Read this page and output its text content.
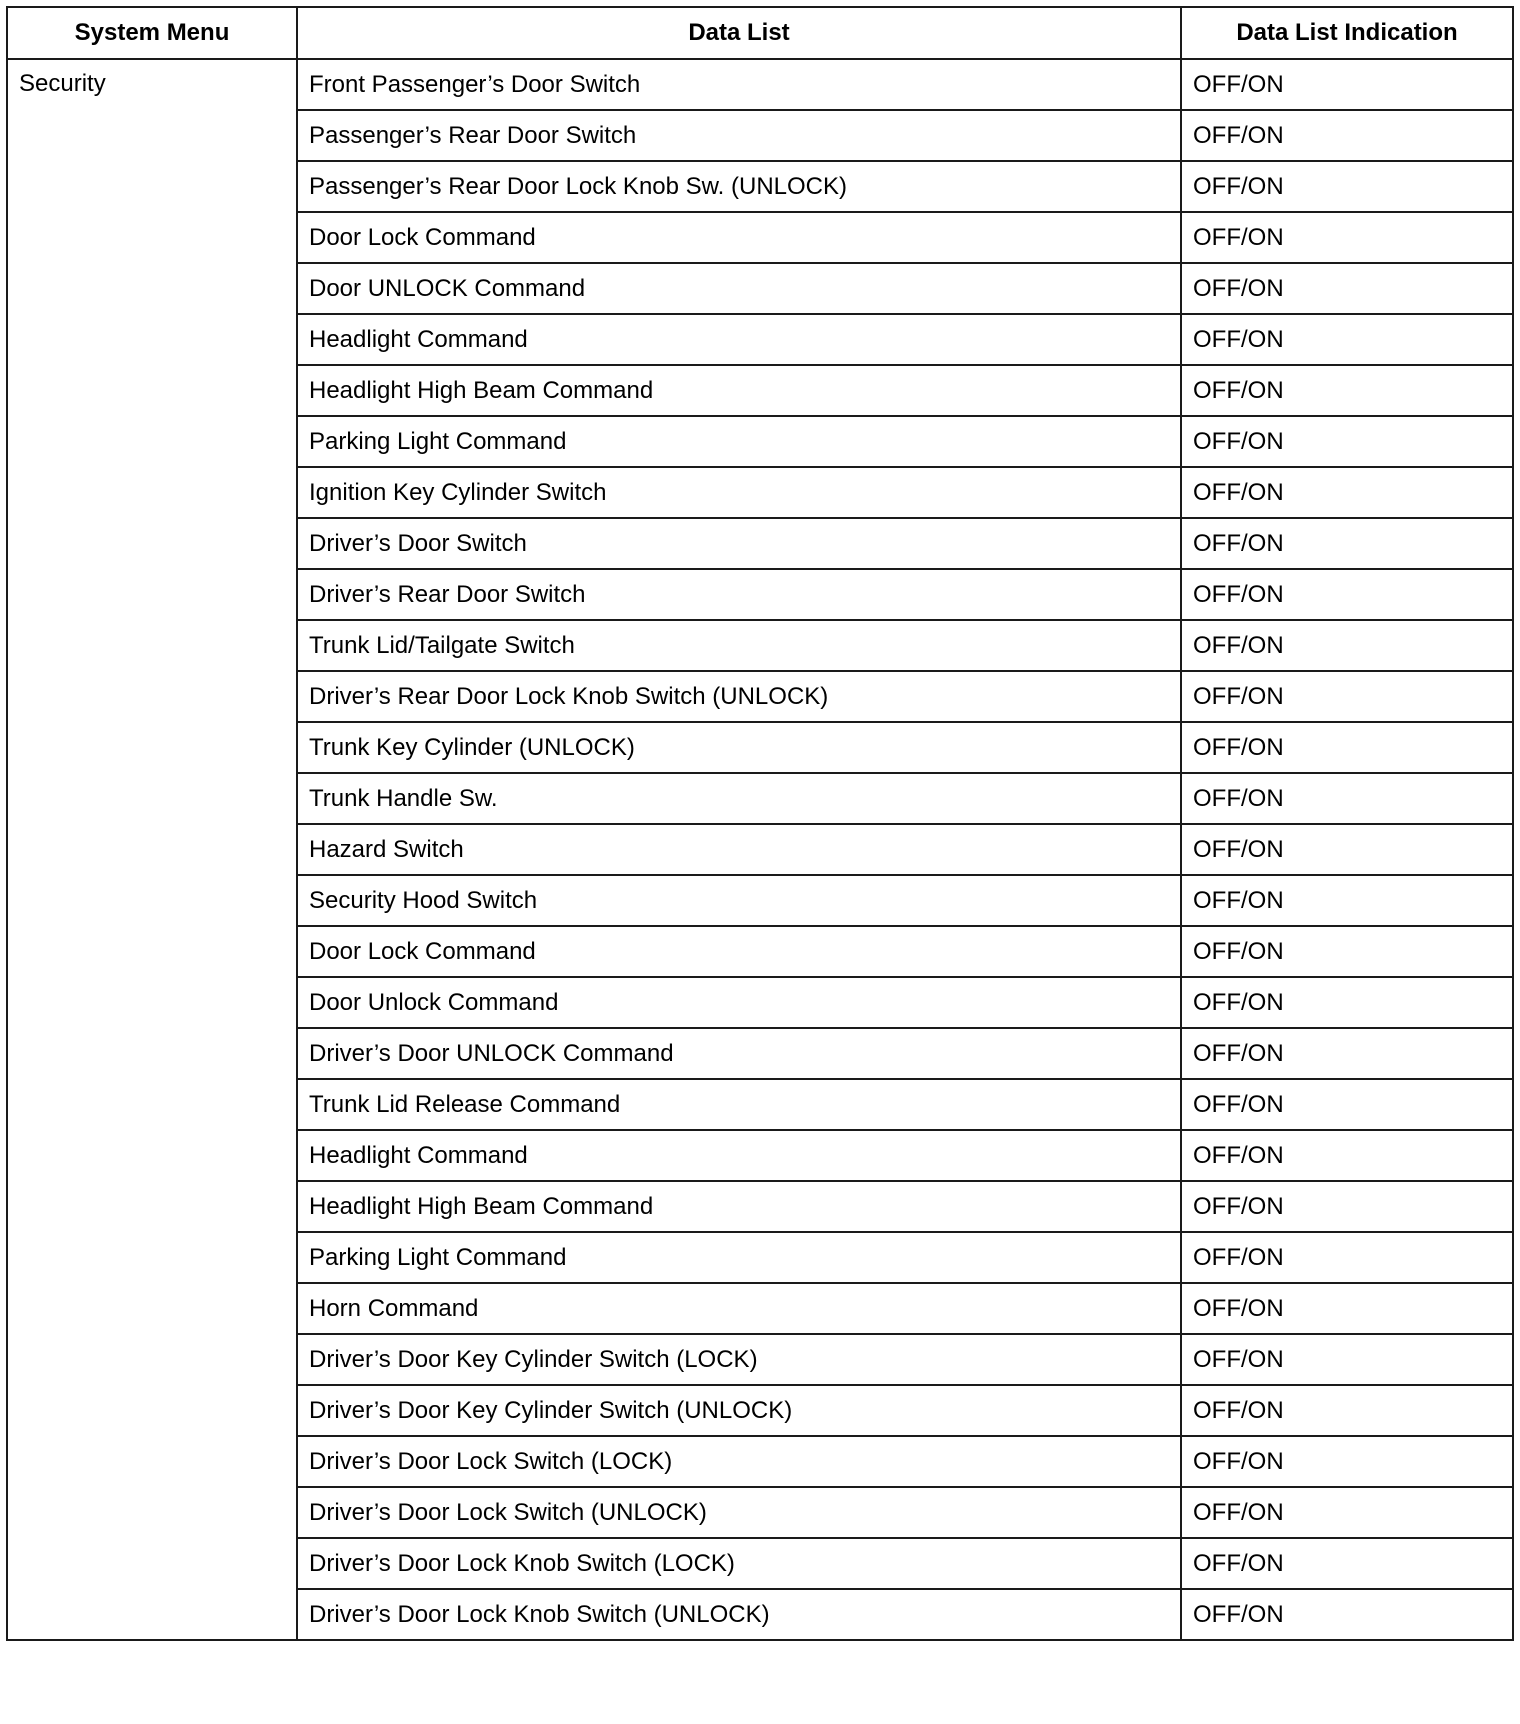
System Menu	Data List	Data List Indication
Security	Front Passenger’s Door Switch	OFF/ON
	Passenger’s Rear Door Switch	OFF/ON
	Passenger’s Rear Door Lock Knob Sw. (UNLOCK)	OFF/ON
	Door Lock Command	OFF/ON
	Door UNLOCK Command	OFF/ON
	Headlight Command	OFF/ON
	Headlight High Beam Command	OFF/ON
	Parking Light Command	OFF/ON
	Ignition Key Cylinder Switch	OFF/ON
	Driver’s Door Switch	OFF/ON
	Driver’s Rear Door Switch	OFF/ON
	Trunk Lid/Tailgate Switch	OFF/ON
	Driver’s Rear Door Lock Knob Switch (UNLOCK)	OFF/ON
	Trunk Key Cylinder (UNLOCK)	OFF/ON
	Trunk Handle Sw.	OFF/ON
	Hazard Switch	OFF/ON
	Security Hood Switch	OFF/ON
	Door Lock Command	OFF/ON
	Door Unlock Command	OFF/ON
	Driver’s Door UNLOCK Command	OFF/ON
	Trunk Lid Release Command	OFF/ON
	Headlight Command	OFF/ON
	Headlight High Beam Command	OFF/ON
	Parking Light Command	OFF/ON
	Horn Command	OFF/ON
	Driver’s Door Key Cylinder Switch (LOCK)	OFF/ON
	Driver’s Door Key Cylinder Switch (UNLOCK)	OFF/ON
	Driver’s Door Lock Switch (LOCK)	OFF/ON
	Driver’s Door Lock Switch (UNLOCK)	OFF/ON
	Driver’s Door Lock Knob Switch (LOCK)	OFF/ON
	Driver’s Door Lock Knob Switch (UNLOCK)	OFF/ON
